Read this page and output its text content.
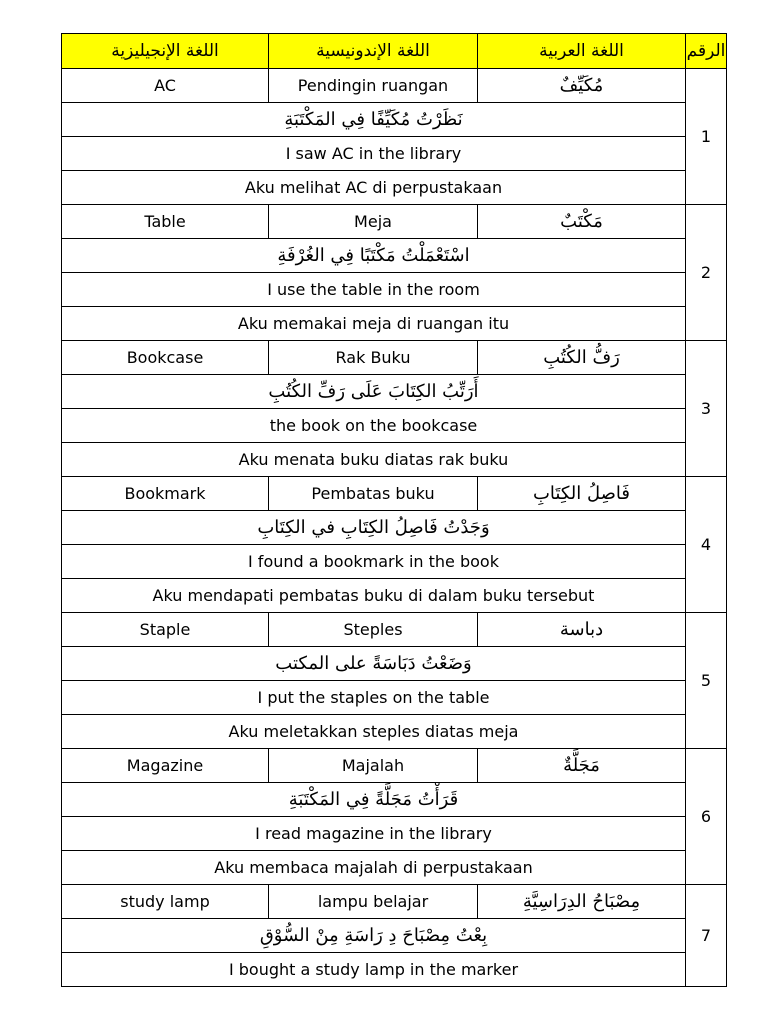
اللغة الإنجيليزية	اللغة الإندونيسية	اللغة العربية	الرقم
AC	Pendingin ruangan	مُكَيِّفٌ	1
نَظَرْتُ مُكَيِّفًا فِي المَكْتَبَةِ			
I saw AC in the library			
Aku melihat AC di perpustakaan			
Table	Meja	مَكْتَبٌ	2
اسْتَعْمَلْتُ مَكْتَبًا فِي الغُرْفَةِ			
I use the table in the room			
Aku memakai meja di ruangan itu			
Bookcase	Rak Buku	رَفُّ الكُتُبِ	3
أَرَتِّبُ الكِتَابَ عَلَى رَفِّ الكُتُبِ			
the book on the bookcase			
Aku menata buku diatas rak buku			
Bookmark	Pembatas buku	فَاصِلُ الكِتَابِ	4
وَجَدْتُ فَاصِلُ الكِتَابِ في الكِتَابِ			
I found a bookmark in the book			
Aku mendapati pembatas buku di dalam buku tersebut			
Staple	Steples	دباسة	5
وَضَعْتُ دَبَاسَةً على المكتب			
I put the staples on the table			
Aku meletakkan steples diatas meja			
Magazine	Majalah	مَجَلَّةٌ	6
قَرَأْتُ مَجَلَّةً فِي المَكْتَبَةِ			
I read magazine in the library			
Aku membaca majalah di perpustakaan			
study lamp	lampu belajar	مِصْبَاحُ الدِرَاسِيَّةِ	7
بِعْتُ مِصْبَاحَ دِ رَاسَةِ مِنْ السُّوْقِ			
I bought a study lamp in the marker			
